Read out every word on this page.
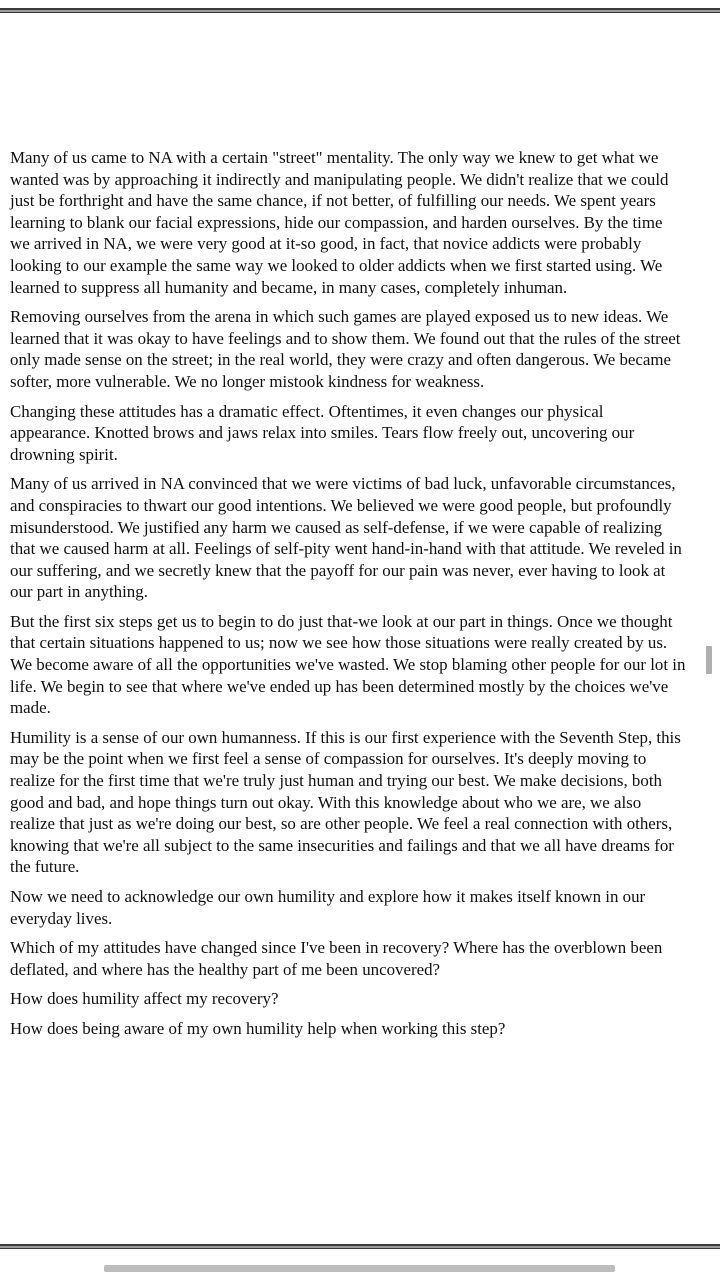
Many of us came to NA with a certain "street" mentality. The only way we knew to get what we wanted was by approaching it indirectly and manipulating people. We didn't realize that we could just be forthright and have the same chance, if not better, of fulfilling our needs. We spent years learning to blank our facial expressions, hide our compassion, and harden ourselves. By the time we arrived in NA, we were very good at it-so good, in fact, that novice addicts were probably looking to our example the same way we looked to older addicts when we first started using. We learned to suppress all humanity and became, in many cases, completely inhuman.

Removing ourselves from the arena in which such games are played exposed us to new ideas. We learned that it was okay to have feelings and to show them. We found out that the rules of the street only made sense on the street; in the real world, they were crazy and often dangerous. We became softer, more vulnerable. We no longer mistook kindness for weakness.

Changing these attitudes has a dramatic effect. Oftentimes, it even changes our physical appearance. Knotted brows and jaws relax into smiles. Tears flow freely out, uncovering our drowning spirit.

Many of us arrived in NA convinced that we were victims of bad luck, unfavorable circumstances, and conspiracies to thwart our good intentions. We believed we were good people, but profoundly misunderstood. We justified any harm we caused as self-defense, if we were capable of realizing that we caused harm at all. Feelings of self-pity went hand-in-hand with that attitude. We reveled in our suffering, and we secretly knew that the payoff for our pain was never, ever having to look at our part in anything.

But the first six steps get us to begin to do just that-we look at our part in things. Once we thought that certain situations happened to us; now we see how those situations were really created by us. We become aware of all the opportunities we've wasted. We stop blaming other people for our lot in life. We begin to see that where we've ended up has been determined mostly by the choices we've made.

Humility is a sense of our own humanness. If this is our first experience with the Seventh Step, this may be the point when we first feel a sense of compassion for ourselves. It's deeply moving to realize for the first time that we're truly just human and trying our best. We make decisions, both good and bad, and hope things turn out okay. With this knowledge about who we are, we also realize that just as we're doing our best, so are other people. We feel a real connection with others, knowing that we're all subject to the same insecurities and failings and that we all have dreams for the future.

Now we need to acknowledge our own humility and explore how it makes itself known in our everyday lives.

Which of my attitudes have changed since I've been in recovery? Where has the overblown been deflated, and where has the healthy part of me been uncovered?

How does humility affect my recovery?

How does being aware of my own humility help when working this step?
